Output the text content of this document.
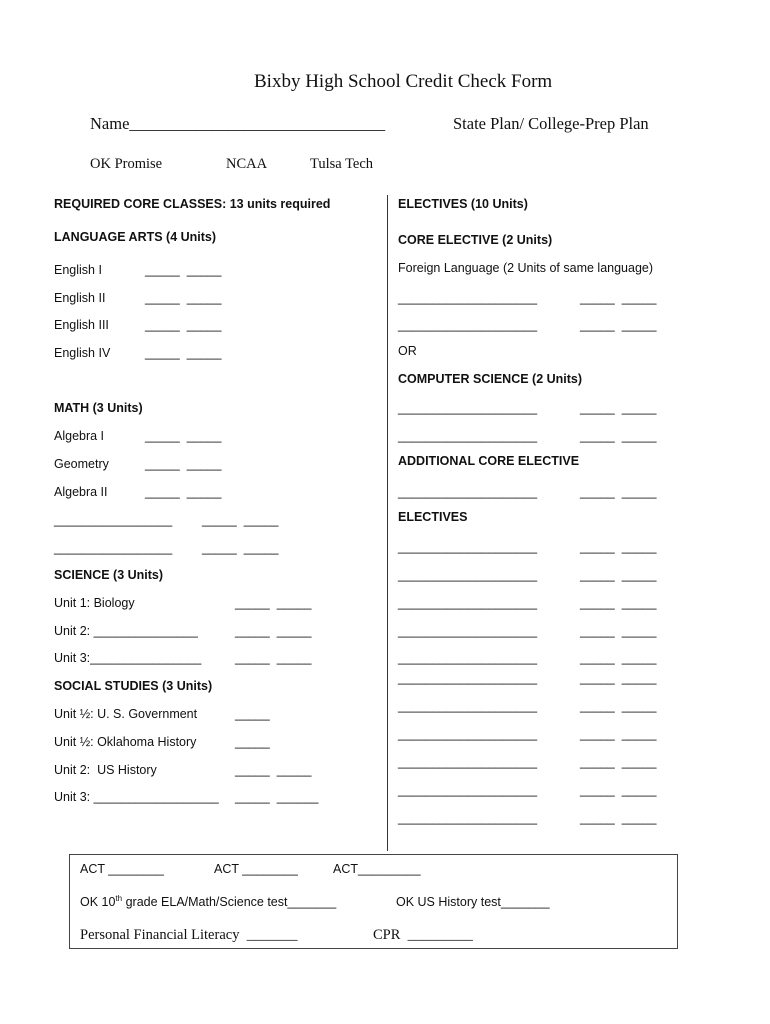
Bixby High School Credit Check Form
Name_______________________________	State Plan/ College-Prep Plan
OK Promise	NCAA	Tulsa Tech
REQUIRED CORE CLASSES: 13 units required
LANGUAGE ARTS (4 Units)
English I	_____  _____
English II	_____  _____
English III	_____  _____
English IV	_____  _____
MATH (3 Units)
Algebra I	_____  _____
Geometry	_____  _____
Algebra II	_____  _____
_________________ _____  _____
_________________ _____  _____
SCIENCE (3 Units)
Unit 1: Biology	_____  _____
Unit 2: _______________	_____  _____
Unit 3:________________	_____  _____
SOCIAL STUDIES (3 Units)
Unit ½: U. S. Government	_____
Unit ½: Oklahoma History	_____
Unit 2:  US History	_____  _____
Unit 3: __________________ _____  ______
ELECTIVES (10 Units)
CORE ELECTIVE (2 Units)
Foreign Language (2 Units of same language)
____________________	_____  _____
____________________	_____  _____
OR
COMPUTER SCIENCE (2 Units)
____________________	_____  _____
____________________	_____  _____
ADDITIONAL CORE ELECTIVE
____________________	_____  _____
ELECTIVES
____________________	_____  _____
____________________	_____  _____
____________________	_____  _____
____________________	_____  _____
____________________	_____  _____
____________________	_____  _____
____________________	_____  _____
____________________	_____  _____
____________________	_____  _____
____________________	_____  _____
____________________	_____  _____
ACT ________	ACT ________	ACT_________
OK 10th grade ELA/Math/Science test_______	OK US History test_______
Personal Financial Literacy  _______	CPR  _________
